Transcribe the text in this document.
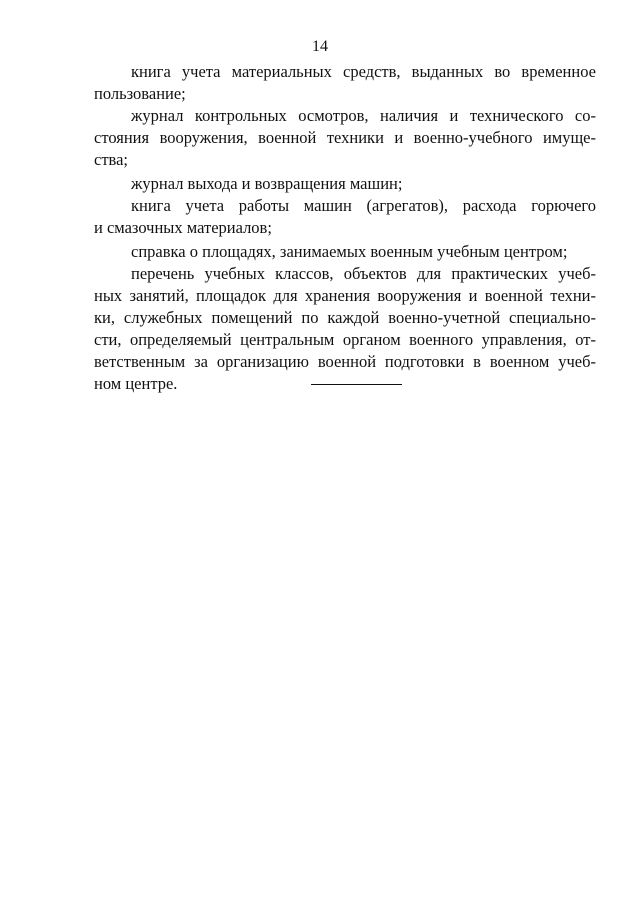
14
книга учета материальных средств, выданных во временное
пользование;
журнал контрольных осмотров, наличия и технического со-
стояния вооружения, военной техники и военно-учебного имуще-
ства;
журнал выхода и возвращения машин;
книга учета работы машин (агрегатов), расхода горючего
и смазочных материалов;
справка о площадях, занимаемых военным учебным центром;
перечень учебных классов, объектов для практических учеб-
ных занятий, площадок для хранения вооружения и военной техни-
ки, служебных помещений по каждой военно-учетной специально-
сти, определяемый центральным органом военного управления, от-
ветственным за организацию военной подготовки в военном учеб-
ном центре.
